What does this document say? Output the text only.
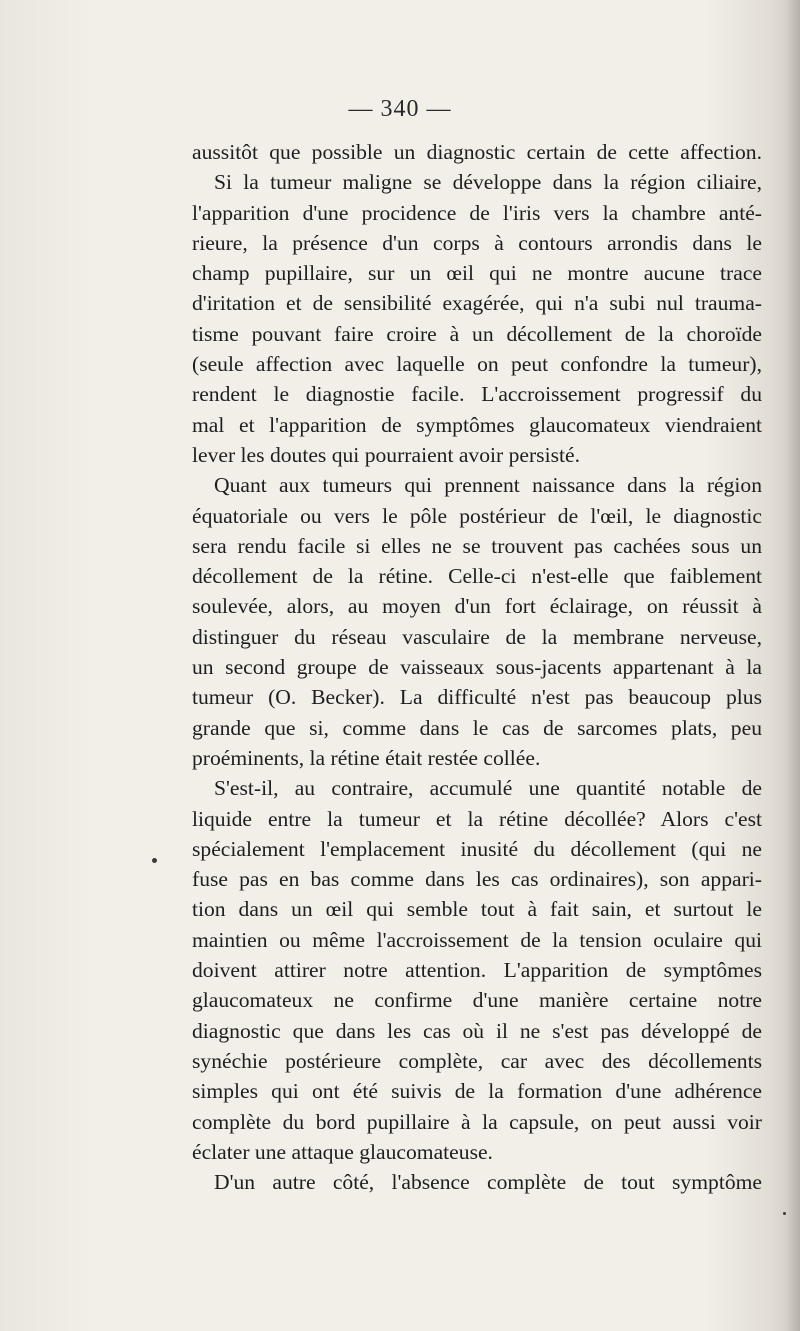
— 340 —
aussitôt que possible un diagnostic certain de cette affection.
Si la tumeur maligne se développe dans la région ciliaire,
l'apparition d'une procidence de l'iris vers la chambre anté-
rieure, la présence d'un corps à contours arrondis dans le
champ pupillaire, sur un œil qui ne montre aucune trace
d'iritation et de sensibilité exagérée, qui n'a subi nul trauma-
tisme pouvant faire croire à un décollement de la choroïde
(seule affection avec laquelle on peut confondre la tumeur),
rendent le diagnostie facile. L'accroissement progressif du
mal et l'apparition de symptômes glaucomateux viendraient
lever les doutes qui pourraient avoir persisté.
Quant aux tumeurs qui prennent naissance dans la région
équatoriale ou vers le pôle postérieur de l'œil, le diagnostic
sera rendu facile si elles ne se trouvent pas cachées sous un
décollement de la rétine. Celle-ci n'est-elle que faiblement
soulevée, alors, au moyen d'un fort éclairage, on réussit à
distinguer du réseau vasculaire de la membrane nerveuse,
un second groupe de vaisseaux sous-jacents appartenant à la
tumeur (O. Becker). La difficulté n'est pas beaucoup plus
grande que si, comme dans le cas de sarcomes plats, peu
proéminents, la rétine était restée collée.
S'est-il, au contraire, accumulé une quantité notable de
liquide entre la tumeur et la rétine décollée? Alors c'est
spécialement l'emplacement inusité du décollement (qui ne
fuse pas en bas comme dans les cas ordinaires), son appari-
tion dans un œil qui semble tout à fait sain, et surtout le
maintien ou même l'accroissement de la tension oculaire qui
doivent attirer notre attention. L'apparition de symptômes
glaucomateux ne confirme d'une manière certaine notre
diagnostic que dans les cas où il ne s'est pas développé de
synéchie postérieure complète, car avec des décollements
simples qui ont été suivis de la formation d'une adhérence
complète du bord pupillaire à la capsule, on peut aussi voir
éclater une attaque glaucomateuse.
D'un autre côté, l'absence complète de tout symptôme
